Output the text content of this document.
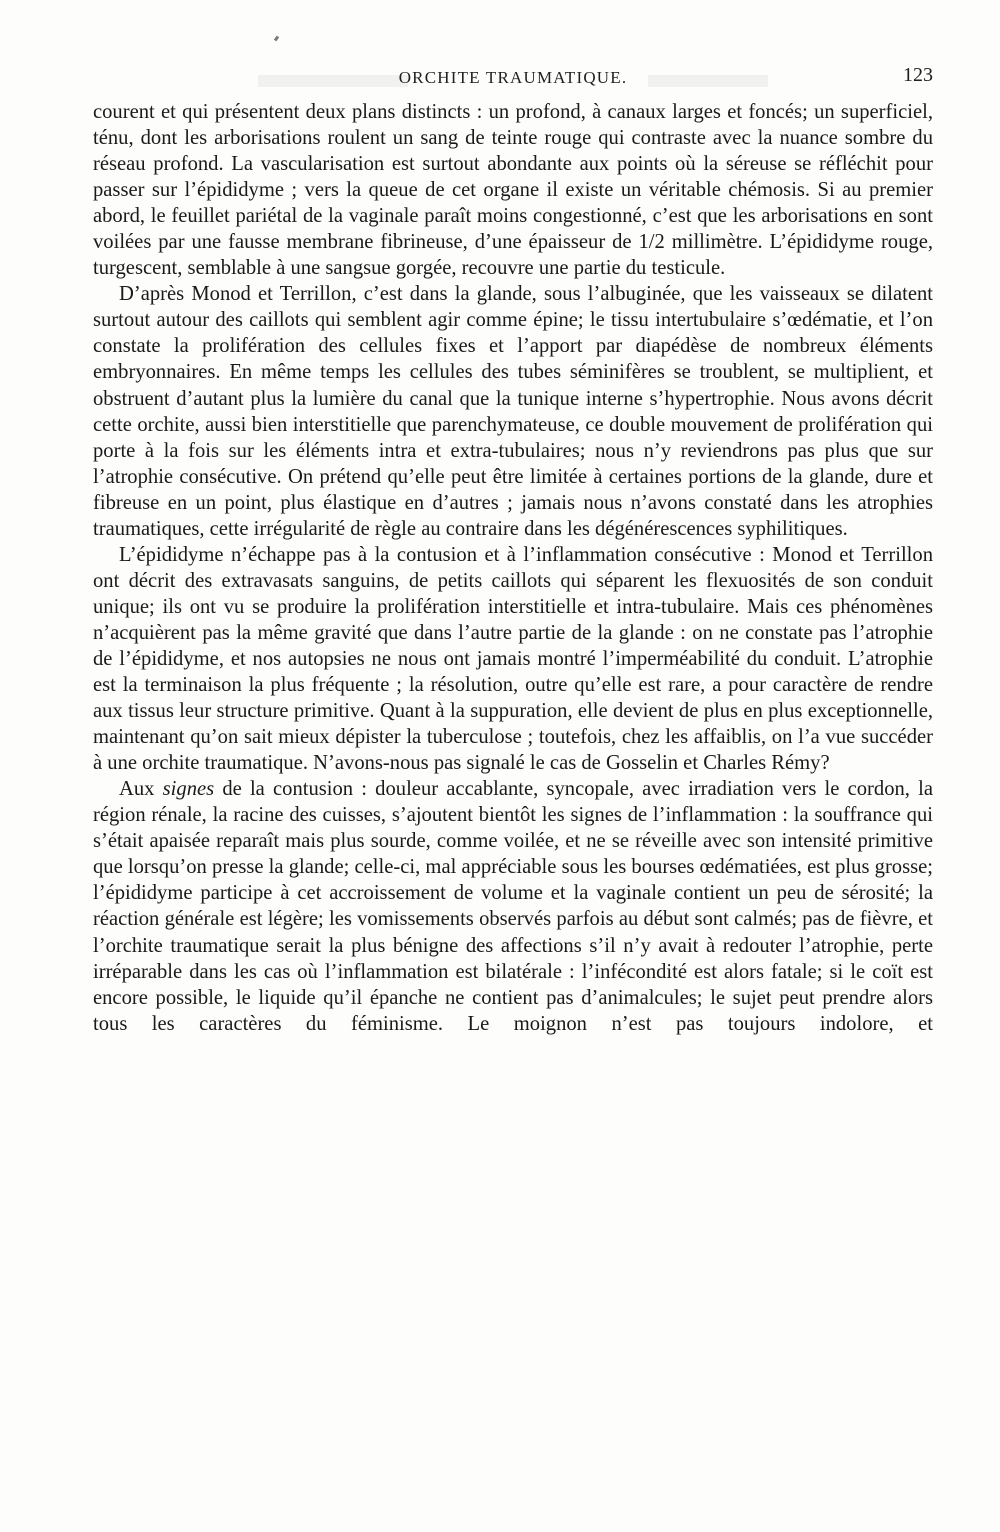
ORCHITE TRAUMATIQUE.	123

courent et qui présentent deux plans distincts : un profond, à canaux larges et foncés; un superficiel, ténu, dont les arborisations roulent un sang de teinte rouge qui contraste avec la nuance sombre du réseau profond. La vascularisation est surtout abondante aux points où la séreuse se réfléchit pour passer sur l’épididyme ; vers la queue de cet organe il existe un véritable chémosis. Si au premier abord, le feuillet pariétal de la vaginale paraît moins congestionné, c’est que les arborisations en sont voilées par une fausse membrane fibrineuse, d’une épaisseur de 1/2 millimètre. L’épididyme rouge, turgescent, semblable à une sangsue gorgée, recouvre une partie du testicule.

D’après Monod et Terrillon, c’est dans la glande, sous l’albuginée, que les vaisseaux se dilatent surtout autour des caillots qui semblent agir comme épine; le tissu intertubulaire s’œdématie, et l’on constate la prolifération des cellules fixes et l’apport par diapédèse de nombreux éléments embryonnaires. En même temps les cellules des tubes séminifères se troublent, se multiplient, et obstruent d’autant plus la lumière du canal que la tunique interne s’hypertrophie. Nous avons décrit cette orchite, aussi bien interstitielle que parenchymateuse, ce double mouvement de prolifération qui porte à la fois sur les éléments intra et extra-tubulaires; nous n’y reviendrons pas plus que sur l’atrophie consécutive. On prétend qu’elle peut être limitée à certaines portions de la glande, dure et fibreuse en un point, plus élastique en d’autres ; jamais nous n’avons constaté dans les atrophies traumatiques, cette irrégularité de règle au contraire dans les dégénérescences syphilitiques.

L’épididyme n’échappe pas à la contusion et à l’inflammation consécutive : Monod et Terrillon ont décrit des extravasats sanguins, de petits caillots qui séparent les flexuosités de son conduit unique; ils ont vu se produire la prolifération interstitielle et intra-tubulaire. Mais ces phénomènes n’acquièrent pas la même gravité que dans l’autre partie de la glande : on ne constate pas l’atrophie de l’épididyme, et nos autopsies ne nous ont jamais montré l’imperméabilité du conduit. L’atrophie est la terminaison la plus fréquente ; la résolution, outre qu’elle est rare, a pour caractère de rendre aux tissus leur structure primitive. Quant à la suppuration, elle devient de plus en plus exceptionnelle, maintenant qu’on sait mieux dépister la tuberculose ; toutefois, chez les affaiblis, on l’a vue succéder à une orchite traumatique. N’avons-nous pas signalé le cas de Gosselin et Charles Rémy?

Aux signes de la contusion : douleur accablante, syncopale, avec irradiation vers le cordon, la région rénale, la racine des cuisses, s’ajoutent bientôt les signes de l’inflammation : la souffrance qui s’était apaisée reparaît mais plus sourde, comme voilée, et ne se réveille avec son intensité primitive que lorsqu’on presse la glande; celle-ci, mal appréciable sous les bourses œdématiées, est plus grosse; l’épididyme participe à cet accroissement de volume et la vaginale contient un peu de sérosité; la réaction générale est légère; les vomissements observés parfois au début sont calmés; pas de fièvre, et l’orchite traumatique serait la plus bénigne des affections s’il n’y avait à redouter l’atrophie, perte irréparable dans les cas où l’inflammation est bilatérale : l’infécondité est alors fatale; si le coït est encore possible, le liquide qu’il épanche ne contient pas d’animalcules; le sujet peut prendre alors tous les caractères du féminisme. Le moignon n’est pas toujours indolore, et
